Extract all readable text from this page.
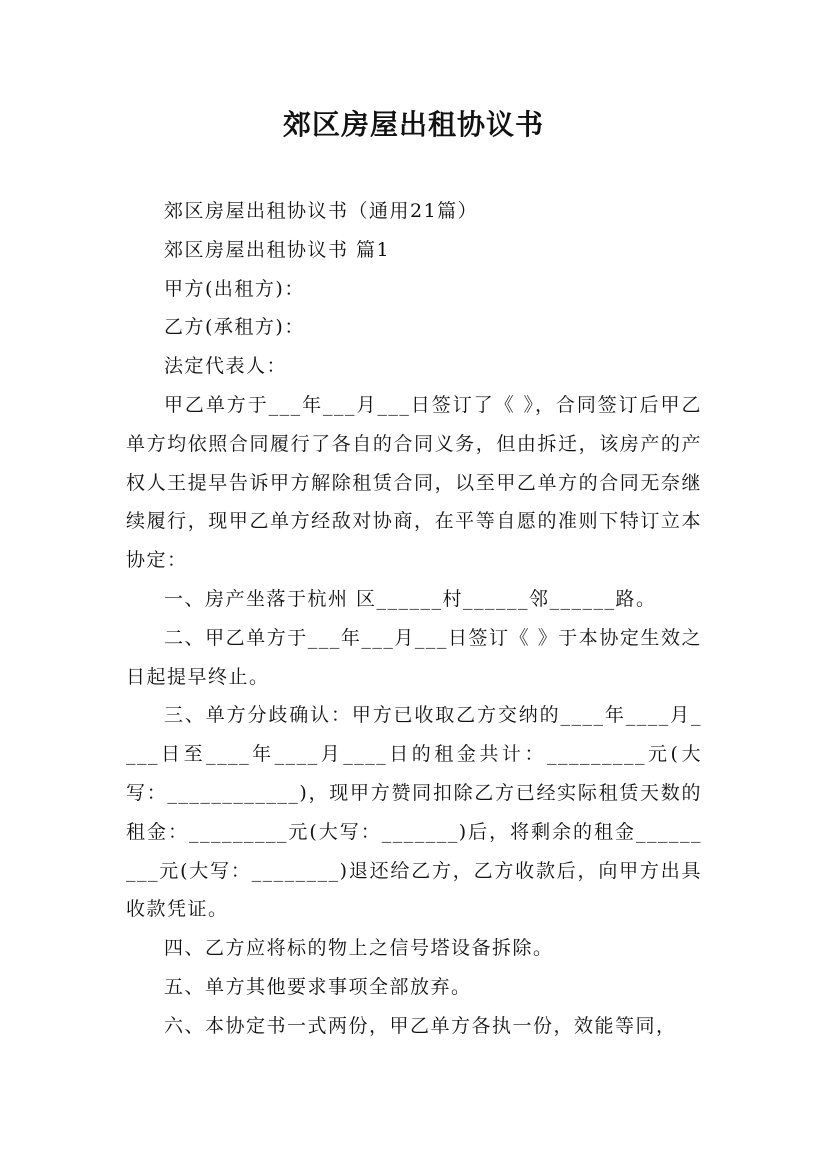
郊区房屋出租协议书

郊区房屋出租协议书（通用21篇）

郊区房屋出租协议书 篇1

甲方(出租方)：

乙方(承租方)：

法定代表人：

甲乙单方于___年___月___日签订了《 》，合同签订后甲乙单方均依照合同履行了各自的合同义务，但由拆迁，该房产的产权人王提早告诉甲方解除租赁合同，以至甲乙单方的合同无奈继续履行，现甲乙单方经敌对协商，在平等自愿的准则下特订立本协定：

一、房产坐落于杭州 区______村______邻______路。

二、甲乙单方于___年___月___日签订《 》于本协定生效之日起提早终止。

三、单方分歧确认：甲方已收取乙方交纳的____年____月____日至____年____月____日的租金共计：_________元(大写：____________)，现甲方赞同扣除乙方已经实际租赁天数的租金：_________元(大写：_______)后，将剩余的租金_________元(大写：________)退还给乙方，乙方收款后，向甲方出具收款凭证。

四、乙方应将标的物上之信号塔设备拆除。

五、单方其他要求事项全部放弃。

六、本协定书一式两份，甲乙单方各执一份，效能等同，
